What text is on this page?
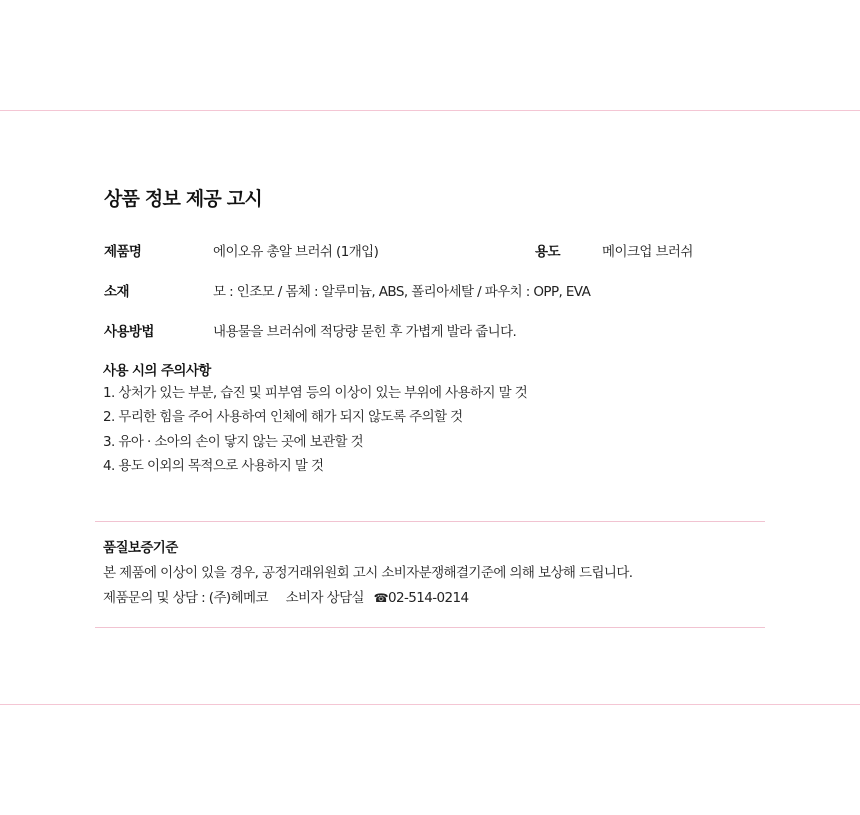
상품 정보 제공 고시
제품명	에이오유 총알 브러쉬 (1개입)	용도	메이크업 브러쉬
소재	모 : 인조모 / 몸체 : 알루미늄, ABS, 폴리아세탈 / 파우치 : OPP, EVA
사용방법	내용물을 브러쉬에 적당량 묻힌 후 가볍게 발라 줍니다.
사용 시의 주의사항
1. 상처가 있는 부분, 습진 및 피부염 등의 이상이 있는 부위에 사용하지 말 것
2. 무리한 힘을 주어 사용하여 인체에 해가 되지 않도록 주의할 것
3. 유아 · 소아의 손이 닿지 않는 곳에 보관할 것
4. 용도 이외의 목적으로 사용하지 말 것
품질보증기준
본 제품에 이상이 있을 경우, 공정거래위원회 고시 소비자분쟁해결기준에 의해 보상해 드립니다.
제품문의 및 상담 : (주)헤메코 소비자 상담실 ☎02-514-0214
